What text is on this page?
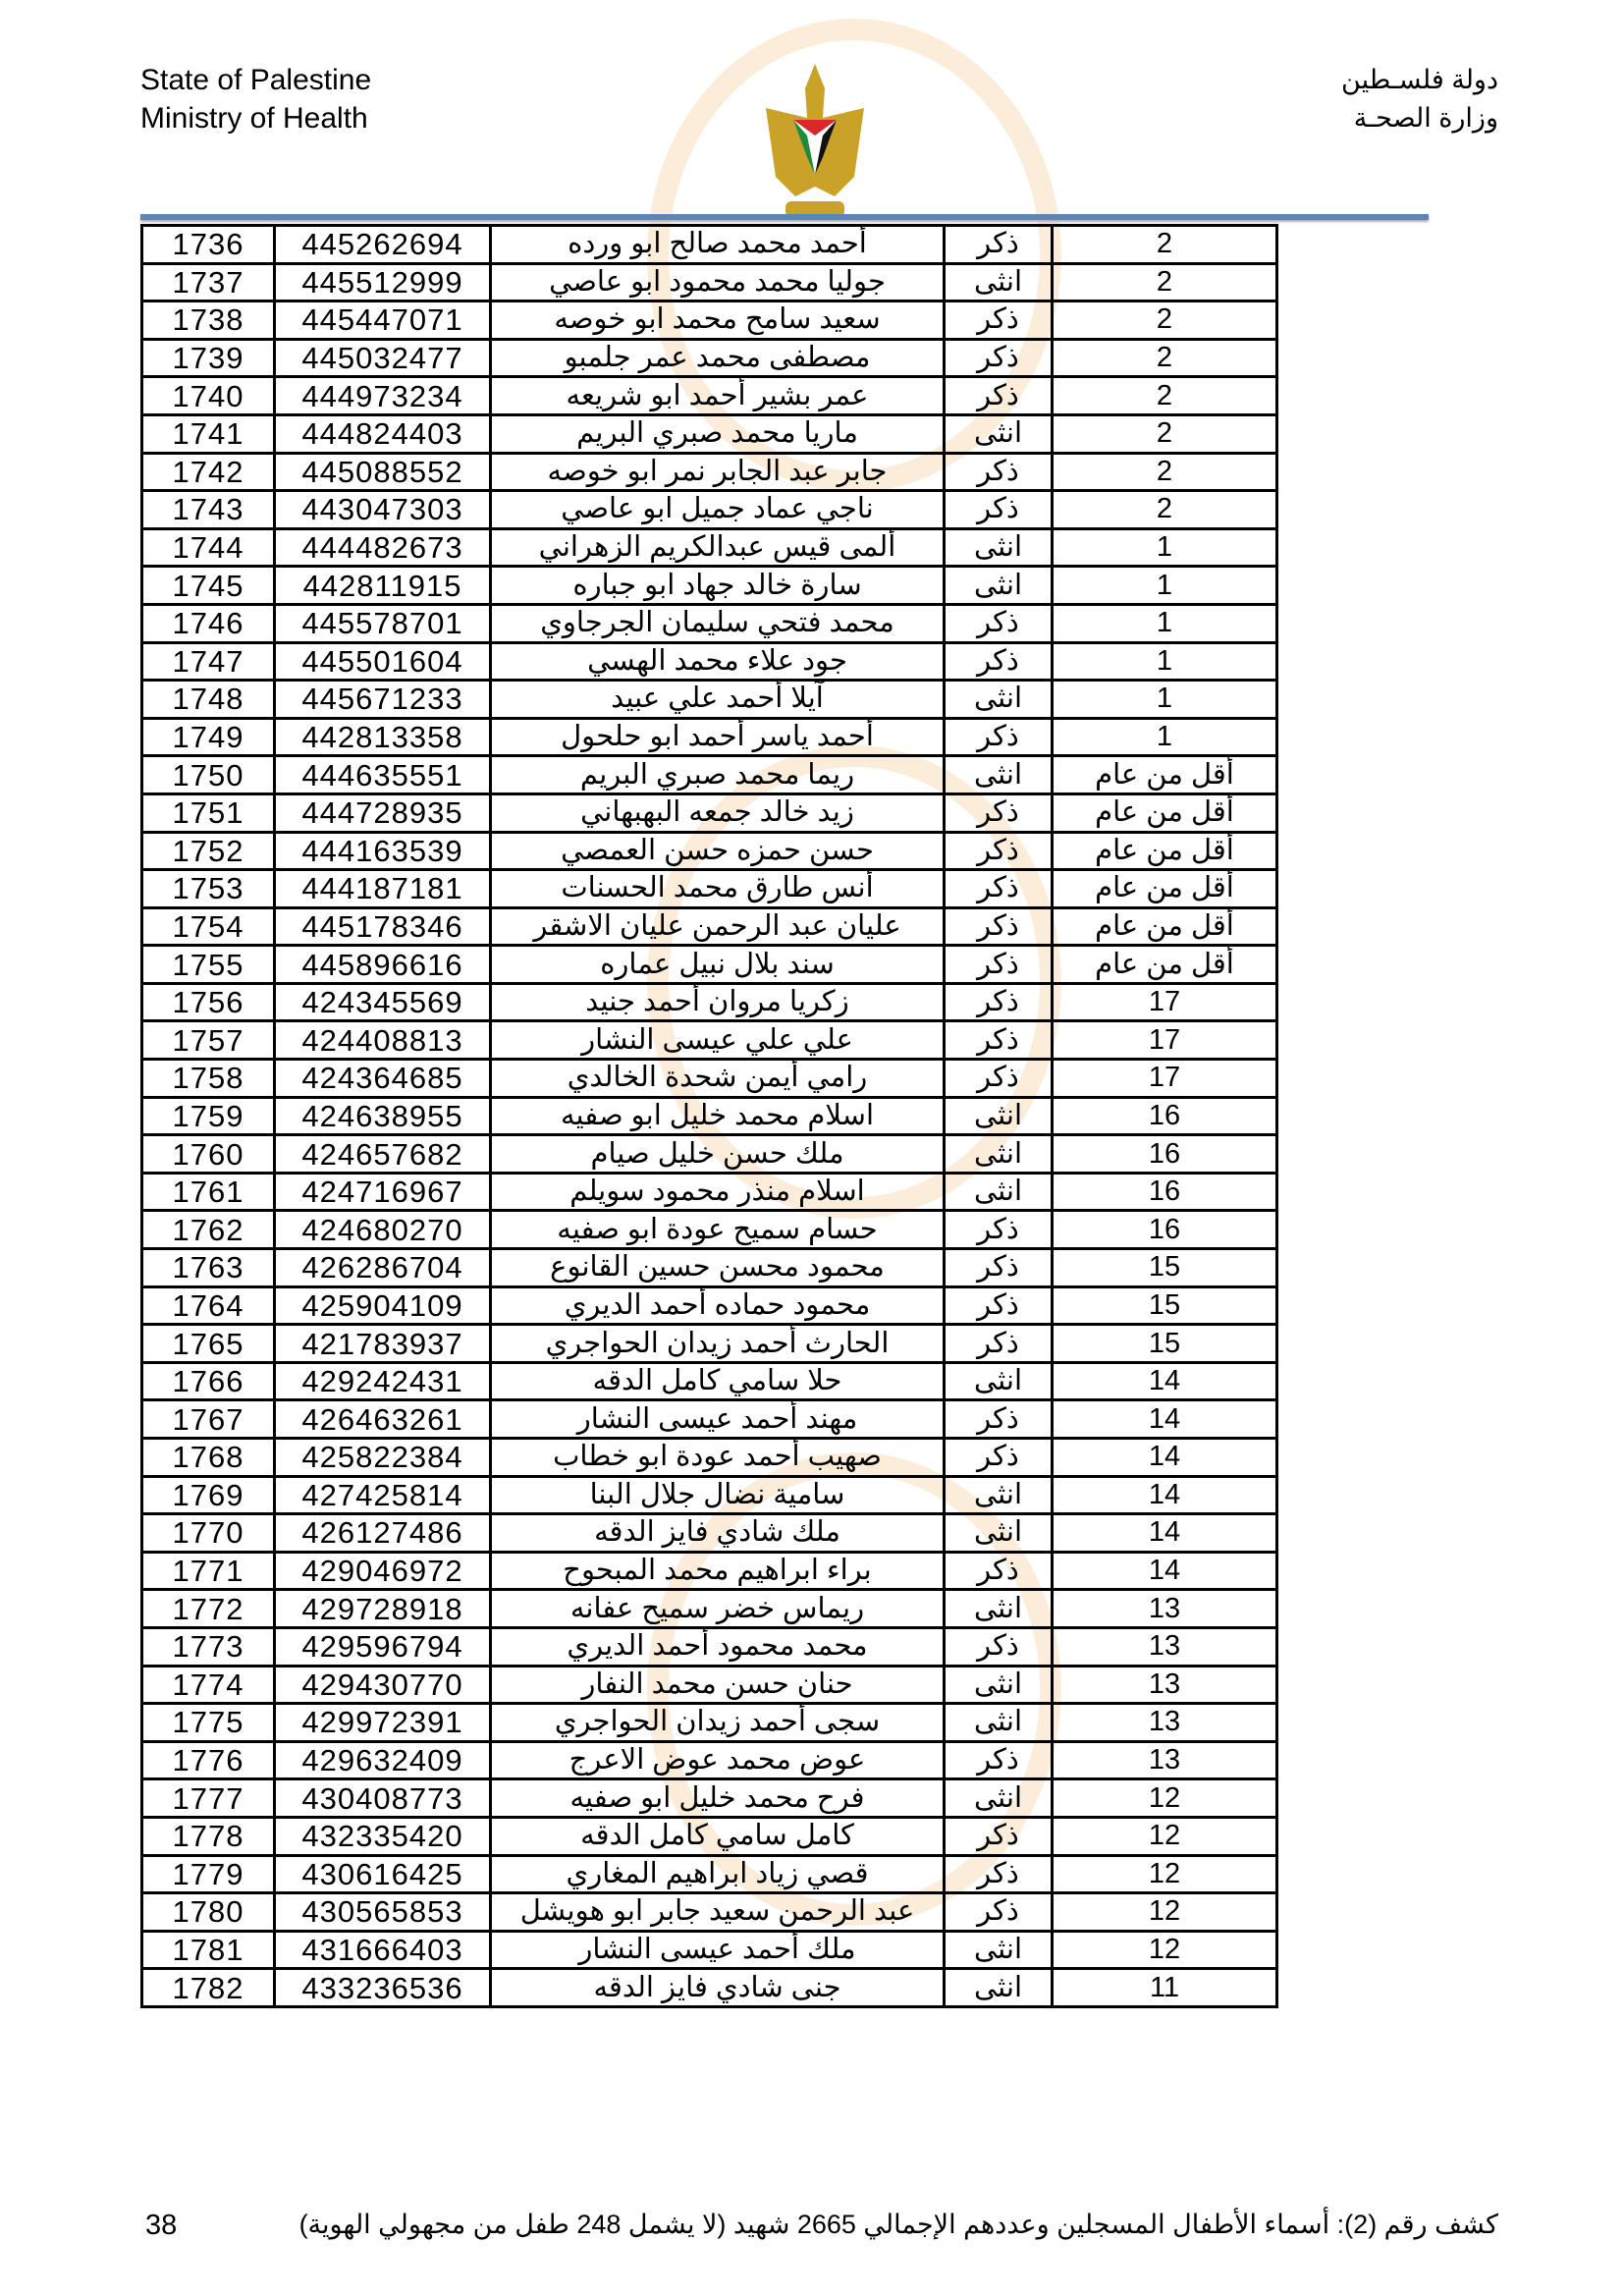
State of Palestine
Ministry of Health
دولة فلسـطين
وزارة الصحـة
1736	445262694	أحمد محمد صالح ابو ورده	ذكر	2
1737	445512999	جوليا محمد محمود ابو عاصي	انثى	2
1738	445447071	سعيد سامح محمد ابو خوصه	ذكر	2
1739	445032477	مصطفى محمد عمر جلمبو	ذكر	2
1740	444973234	عمر بشير أحمد ابو شريعه	ذكر	2
1741	444824403	ماريا محمد صبري البريم	انثى	2
1742	445088552	جابر عبد الجابر نمر ابو خوصه	ذكر	2
1743	443047303	ناجي عماد جميل ابو عاصي	ذكر	2
1744	444482673	ألمى قيس عبدالكريم الزهراني	انثى	1
1745	442811915	سارة خالد جهاد ابو جباره	انثى	1
1746	445578701	محمد فتحي سليمان الجرجاوي	ذكر	1
1747	445501604	جود علاء محمد الهسي	ذكر	1
1748	445671233	آيلا أحمد علي عبيد	انثى	1
1749	442813358	أحمد ياسر أحمد ابو حلحول	ذكر	1
1750	444635551	ريما محمد صبري البريم	انثى	أقل من عام
1751	444728935	زيد خالد جمعه البهبهاني	ذكر	أقل من عام
1752	444163539	حسن حمزه حسن العمصي	ذكر	أقل من عام
1753	444187181	أنس طارق محمد الحسنات	ذكر	أقل من عام
1754	445178346	عليان عبد الرحمن عليان الاشقر	ذكر	أقل من عام
1755	445896616	سند بلال نبيل عماره	ذكر	أقل من عام
1756	424345569	زكريا مروان أحمد جنيد	ذكر	17
1757	424408813	علي علي عيسى النشار	ذكر	17
1758	424364685	رامي أيمن شحدة الخالدي	ذكر	17
1759	424638955	اسلام محمد خليل ابو صفيه	انثى	16
1760	424657682	ملك حسن خليل صيام	انثى	16
1761	424716967	اسلام منذر محمود سويلم	انثى	16
1762	424680270	حسام سميح عودة ابو صفيه	ذكر	16
1763	426286704	محمود محسن حسين القانوع	ذكر	15
1764	425904109	محمود حماده أحمد الديري	ذكر	15
1765	421783937	الحارث أحمد زيدان الحواجري	ذكر	15
1766	429242431	حلا سامي كامل الدقه	انثى	14
1767	426463261	مهند أحمد عيسى النشار	ذكر	14
1768	425822384	صهيب أحمد عودة ابو خطاب	ذكر	14
1769	427425814	سامية نضال جلال البنا	انثى	14
1770	426127486	ملك شادي فايز الدقه	انثى	14
1771	429046972	براء ابراهيم محمد المبحوح	ذكر	14
1772	429728918	ريماس خضر سميح عفانه	انثى	13
1773	429596794	محمد محمود أحمد الديري	ذكر	13
1774	429430770	حنان حسن محمد النفار	انثى	13
1775	429972391	سجى أحمد زيدان الحواجري	انثى	13
1776	429632409	عوض محمد عوض الاعرج	ذكر	13
1777	430408773	فرح محمد خليل ابو صفيه	انثى	12
1778	432335420	كامل سامي كامل الدقه	ذكر	12
1779	430616425	قصي زياد ابراهيم المغاري	ذكر	12
1780	430565853	عبد الرحمن سعيد جابر ابو هويشل	ذكر	12
1781	431666403	ملك أحمد عيسى النشار	انثى	12
1782	433236536	جنى شادي فايز الدقه	انثى	11
38	كشف رقم (2): أسماء الأطفال المسجلين وعددهم الإجمالي 2665 شهيد (لا يشمل 248 طفل من مجهولي الهوية)
